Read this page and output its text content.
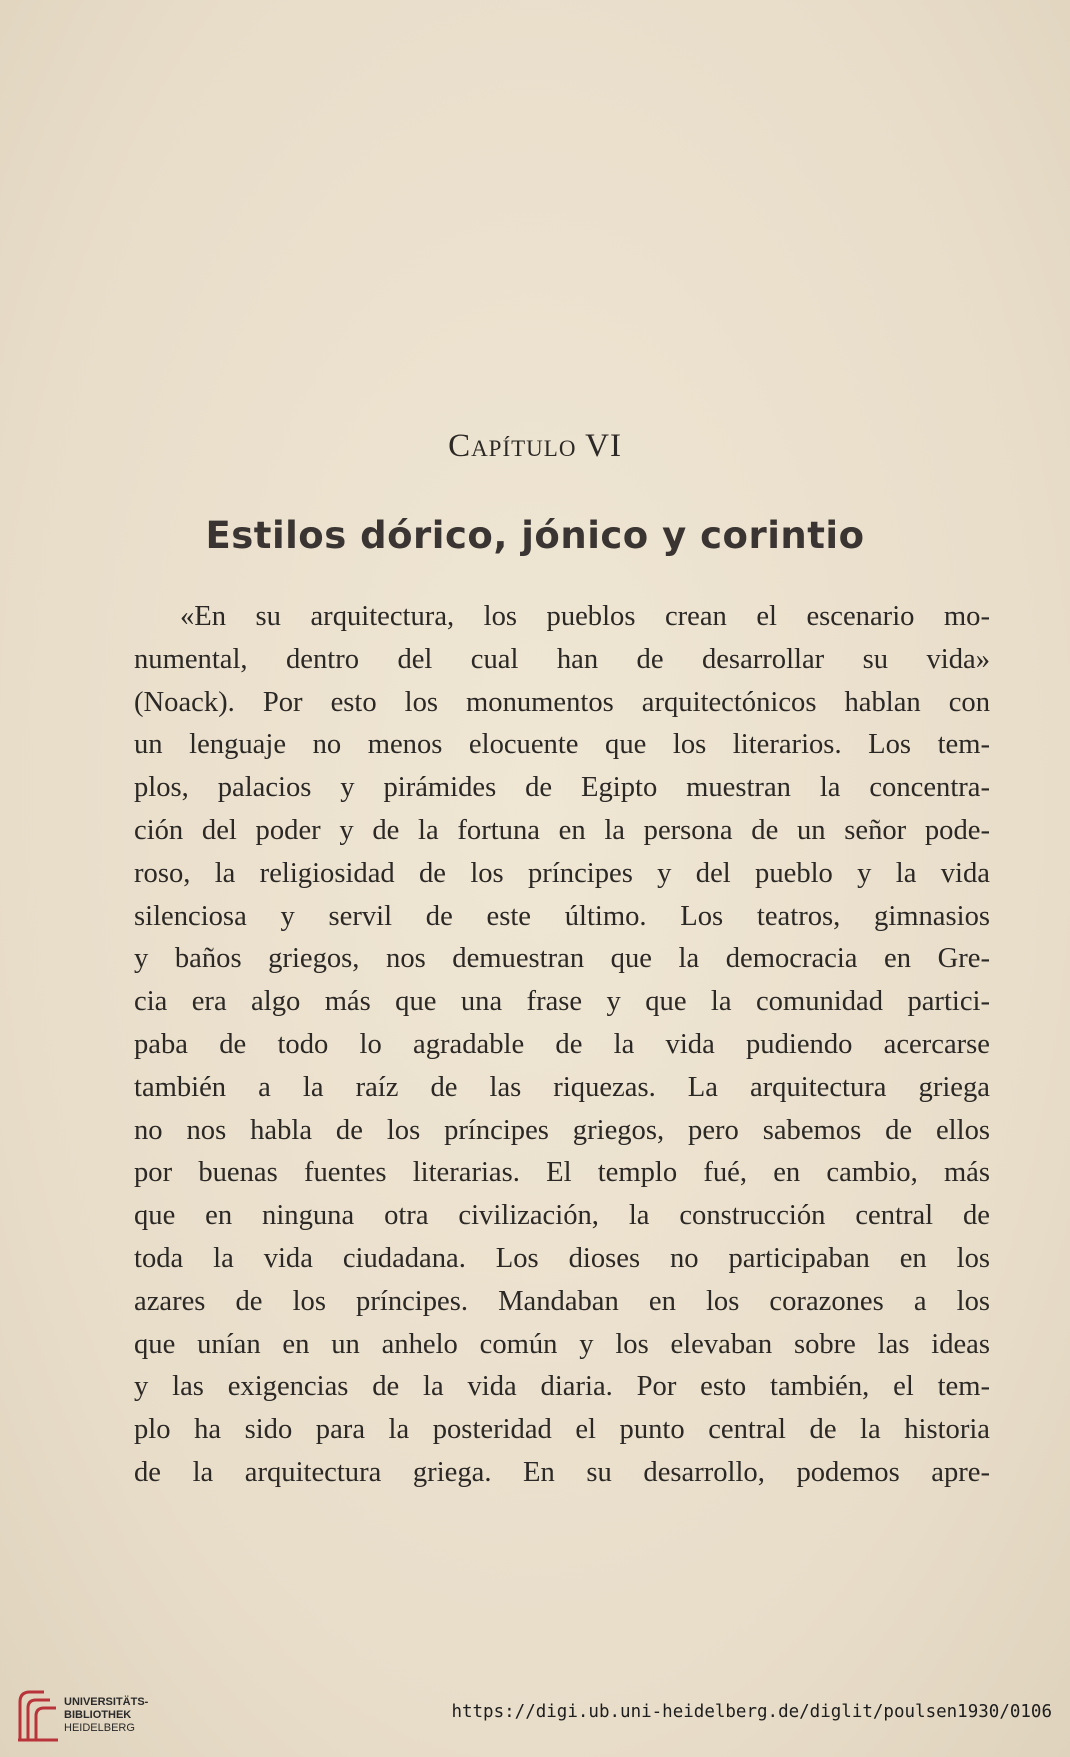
Capítulo VI
Estilos dórico, jónico y corintio
«En su arquitectura, los pueblos crean el escenario mo-
numental, dentro del cual han de desarrollar su vida»
(Noack). Por esto los monumentos arquitectónicos hablan con
un lenguaje no menos elocuente que los literarios. Los tem-
plos, palacios y pirámides de Egipto muestran la concentra-
ción del poder y de la fortuna en la persona de un señor pode-
roso, la religiosidad de los príncipes y del pueblo y la vida
silenciosa y servil de este último. Los teatros, gimnasios
y baños griegos, nos demuestran que la democracia en Gre-
cia era algo más que una frase y que la comunidad partici-
paba de todo lo agradable de la vida pudiendo acercarse
también a la raíz de las riquezas. La arquitectura griega
no nos habla de los príncipes griegos, pero sabemos de ellos
por buenas fuentes literarias. El templo fué, en cambio, más
que en ninguna otra civilización, la construcción central de
toda la vida ciudadana. Los dioses no participaban en los
azares de los príncipes. Mandaban en los corazones a los
que unían en un anhelo común y los elevaban sobre las ideas
y las exigencias de la vida diaria. Por esto también, el tem-
plo ha sido para la posteridad el punto central de la historia
de la arquitectura griega. En su desarrollo, podemos apre-
UNIVERSITÄTS-
BIBLIOTHEK
HEIDELBERG
https://digi.ub.uni-heidelberg.de/diglit/poulsen1930/0106
